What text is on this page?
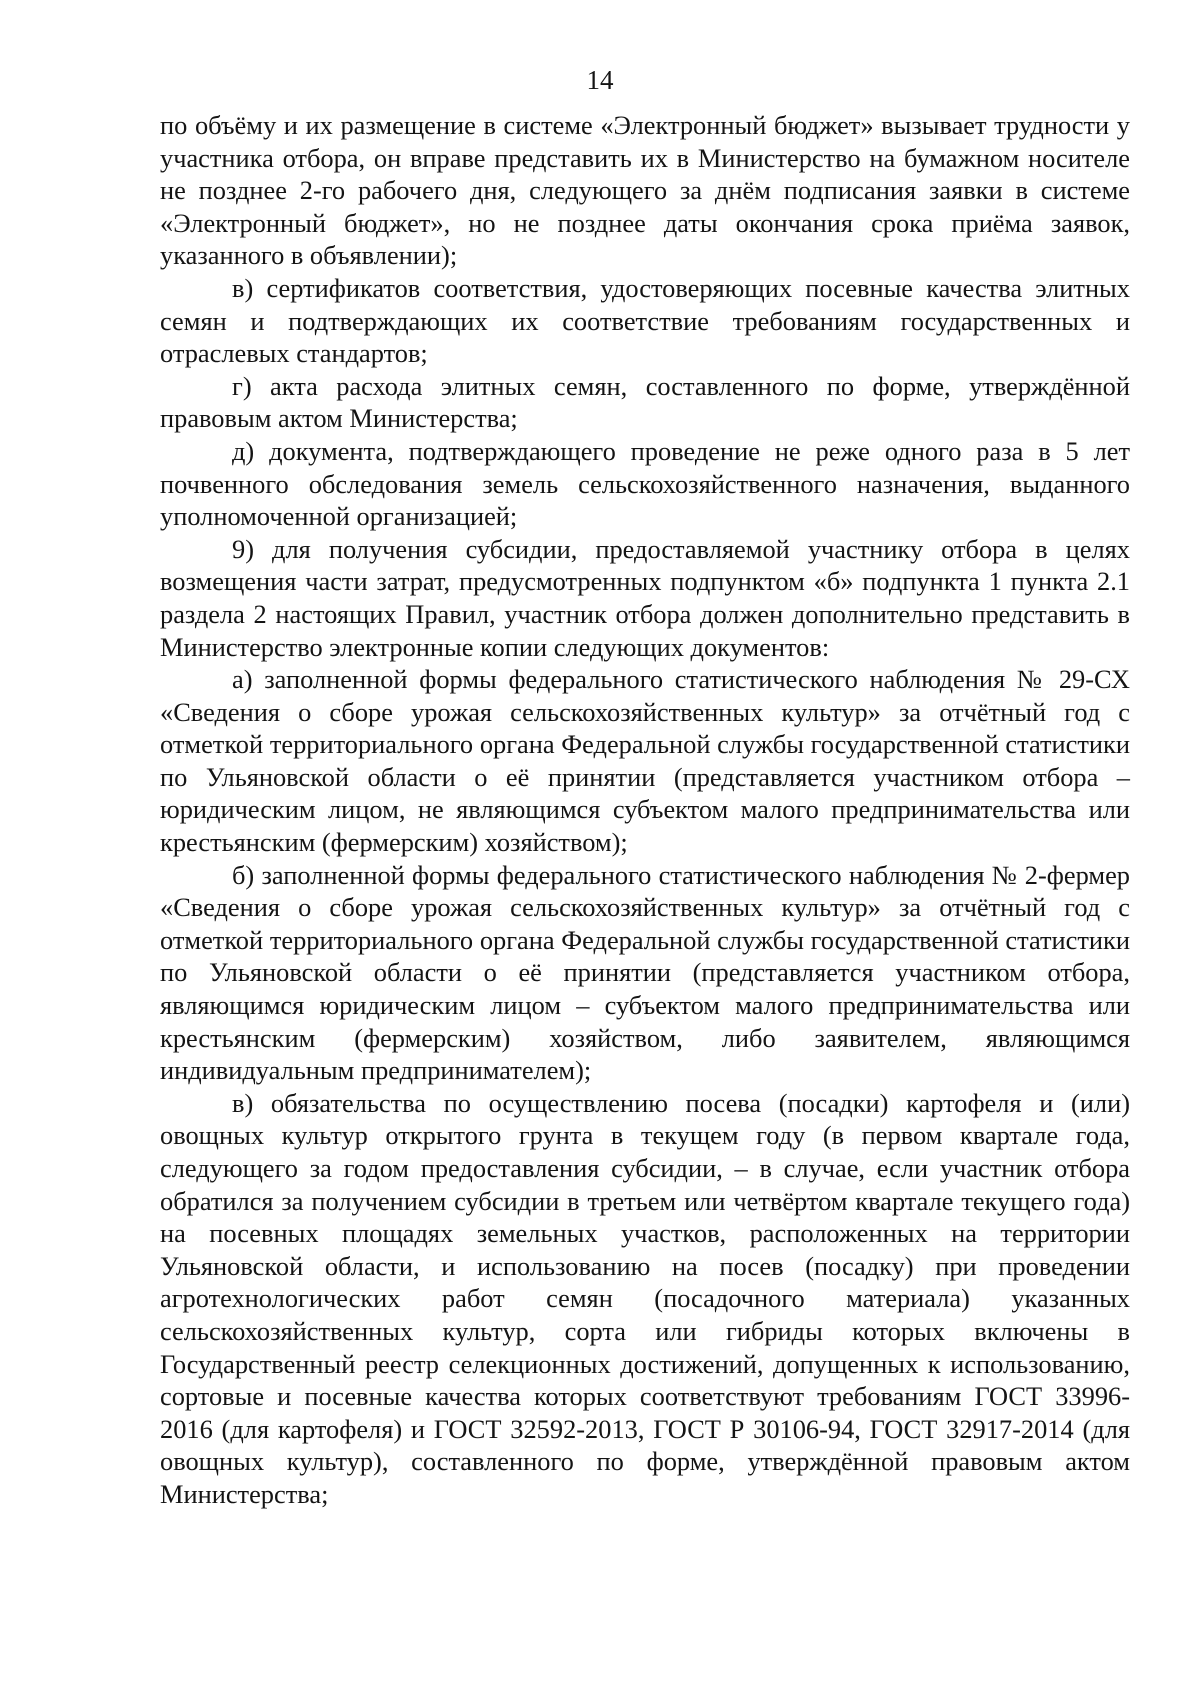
14

по объёму и их размещение в системе «Электронный бюджет» вызывает трудности у участника отбора, он вправе представить их в Министерство на бумажном носителе не позднее 2-го рабочего дня, следующего за днём подписания заявки в системе «Электронный бюджет», но не позднее даты окончания срока приёма заявок, указанного в объявлении);

в) сертификатов соответствия, удостоверяющих посевные качества элитных семян и подтверждающих их соответствие требованиям государственных и отраслевых стандартов;

г) акта расхода элитных семян, составленного по форме, утверждённой правовым актом Министерства;

д) документа, подтверждающего проведение не реже одного раза в 5 лет почвенного обследования земель сельскохозяйственного назначения, выданного уполномоченной организацией;

9) для получения субсидии, предоставляемой участнику отбора в целях возмещения части затрат, предусмотренных подпунктом «б» подпункта 1 пункта 2.1 раздела 2 настоящих Правил, участник отбора должен дополнительно представить в Министерство электронные копии следующих документов:

а) заполненной формы федерального статистического наблюдения № 29-СХ «Сведения о сборе урожая сельскохозяйственных культур» за отчётный год с отметкой территориального органа Федеральной службы государственной статистики по Ульяновской области о её принятии (представляется участником отбора – юридическим лицом, не являющимся субъектом малого предпринимательства или крестьянским (фермерским) хозяйством);

б) заполненной формы федерального статистического наблюдения № 2-фермер «Сведения о сборе урожая сельскохозяйственных культур» за отчётный год с отметкой территориального органа Федеральной службы государственной статистики по Ульяновской области о её принятии (представляется участником отбора, являющимся юридическим лицом – субъектом малого предпринимательства или крестьянским (фермерским) хозяйством, либо заявителем, являющимся индивидуальным предпринимателем);

в) обязательства по осуществлению посева (посадки) картофеля и (или) овощных культур открытого грунта в текущем году (в первом квартале года, следующего за годом предоставления субсидии, – в случае, если участник отбора обратился за получением субсидии в третьем или четвёртом квартале текущего года) на посевных площадях земельных участков, расположенных на территории Ульяновской области, и использованию на посев (посадку) при проведении агротехнологических работ семян (посадочного материала) указанных сельскохозяйственных культур, сорта или гибриды которых включены в Государственный реестр селекционных достижений, допущенных к использованию, сортовые и посевные качества которых соответствуют требованиям ГОСТ 33996-2016 (для картофеля) и ГОСТ 32592-2013, ГОСТ Р 30106-94, ГОСТ 32917-2014 (для овощных культур), составленного по форме, утверждённой правовым актом Министерства;
